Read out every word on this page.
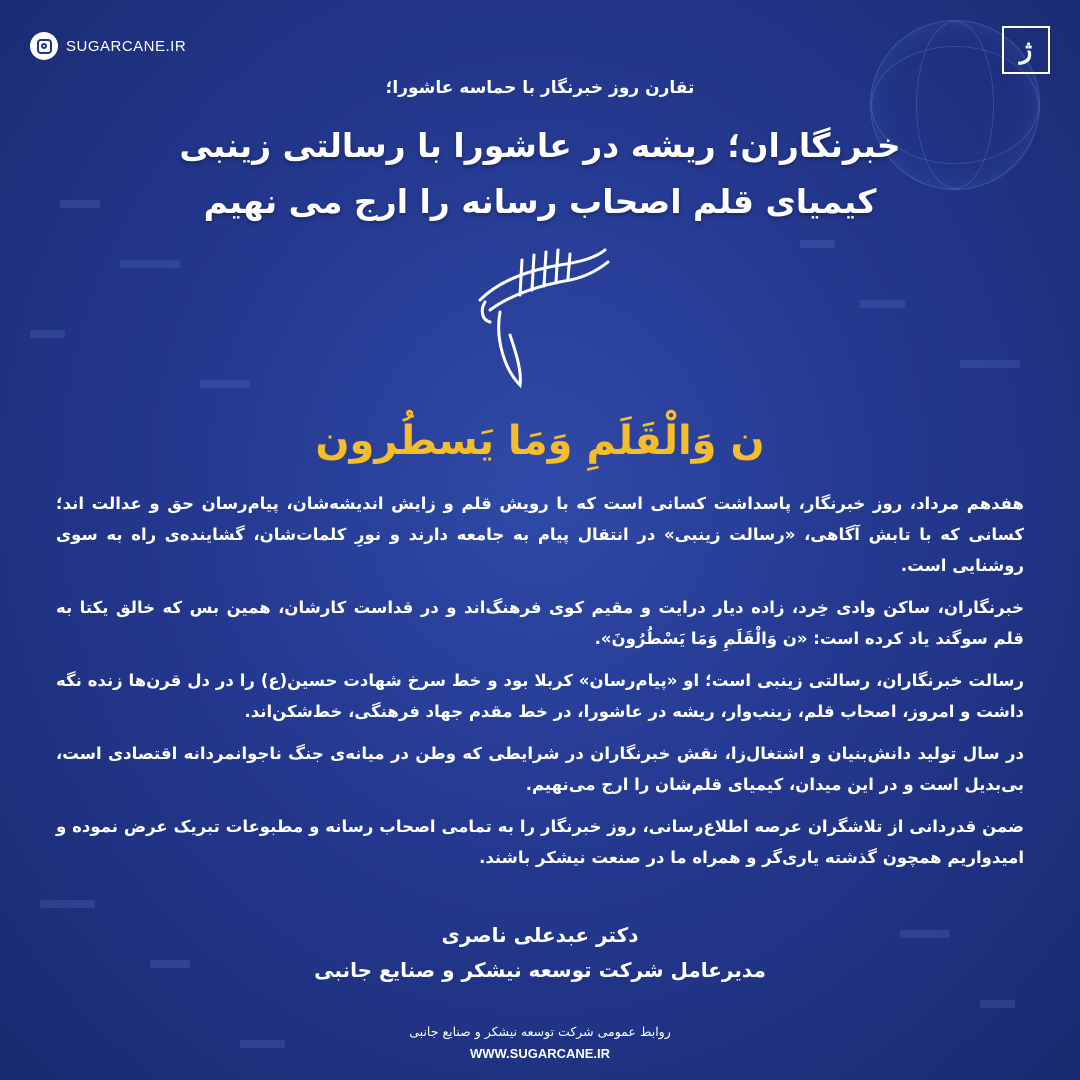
SUGARCANE.IR	ژ
تقارن روز خبرنگار با حماسه عاشورا؛
خبرنگاران؛ ریشه در عاشورا با رسالتی زینبی
کیمیای قلم اصحاب رسانه را ارج می نهیم
ن وَالْقَلَمِ وَمَا یَسطُرون

هفدهم مرداد، روز خبرنگار، پاسداشت کسانی است که با رویش قلم و زایش اندیشه‌شان، پیام‌رسان حق و عدالت اند؛ کسانی که با تابش آگاهی، «رسالت زینبی» در انتقال پیام به جامعه دارند و نورِ کلمات‌شان، گشاینده‌ی راه به سوی روشنایی است.

خبرنگاران، ساکن وادی خِرد، زاده دیار درایت و مقیم کوی فرهنگ‌اند و در قداست کارشان، همین بس که خالق یکتا به قلم سوگند یاد کرده است: «ن وَالْقَلَمِ وَمَا یَسْطُرُونَ».

رسالت خبرنگاران، رسالتی زینبی است؛ او «پیام‌رسان» کربلا بود و خط سرخ شهادت حسین(ع) را در دل قرن‌ها زنده نگه داشت و امروز، اصحاب قلم، زینب‌وار، ریشه در عاشورا، در خط مقدم جهاد فرهنگی، خط‌شکن‌اند.

در سال تولید دانش‌بنیان و اشتغال‌زا، نقش خبرنگاران در شرایطی که وطن در میانه‌ی جنگ ناجوانمردانه اقتصادی است، بی‌بدیل است و در این میدان، کیمیای قلم‌شان را ارج می‌نهیم.

ضمن قدردانی از تلاشگران عرصه اطلاع‌رسانی، روز خبرنگار را به تمامی اصحاب رسانه و مطبوعات تبریک عرض نموده و امیدواریم همچون گذشته یاری‌گر و همراه ما در صنعت نیشکر باشند.

دکتر عبدعلی ناصری
مدیرعامل شرکت توسعه نیشکر و صنایع جانبی
روابط عمومی شرکت توسعه نیشکر و صنایع جانبی
WWW.SUGARCANE.IR
